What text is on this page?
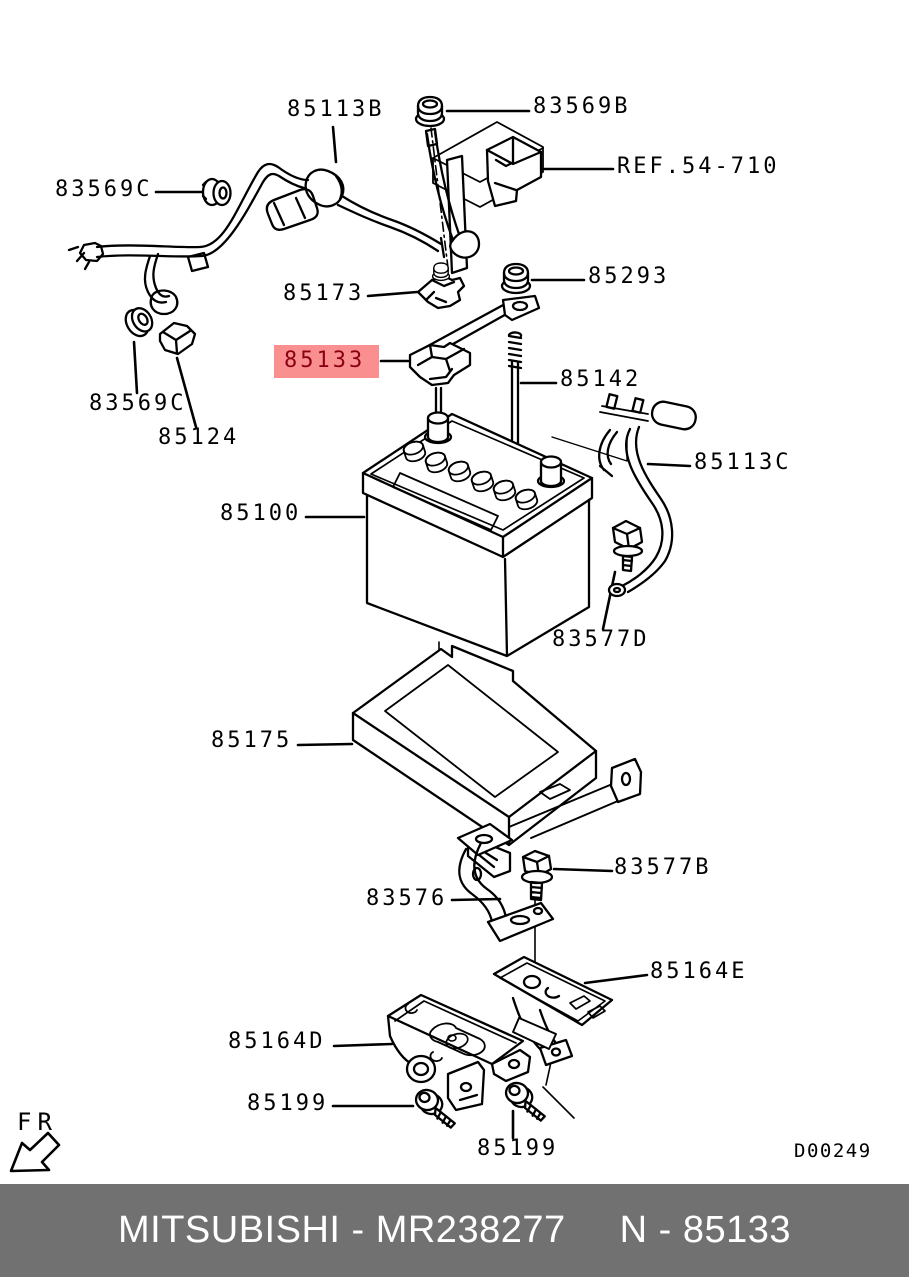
85113B	83569B
REF.54-710
83569C
85173
85293
85133
85142
83569C
85124
85113C
85100
83577D
85175
83577B
83576
85164E
85164D
85199
85199
FR
D00249
MITSUBISHI - MR238277 N - 85133
